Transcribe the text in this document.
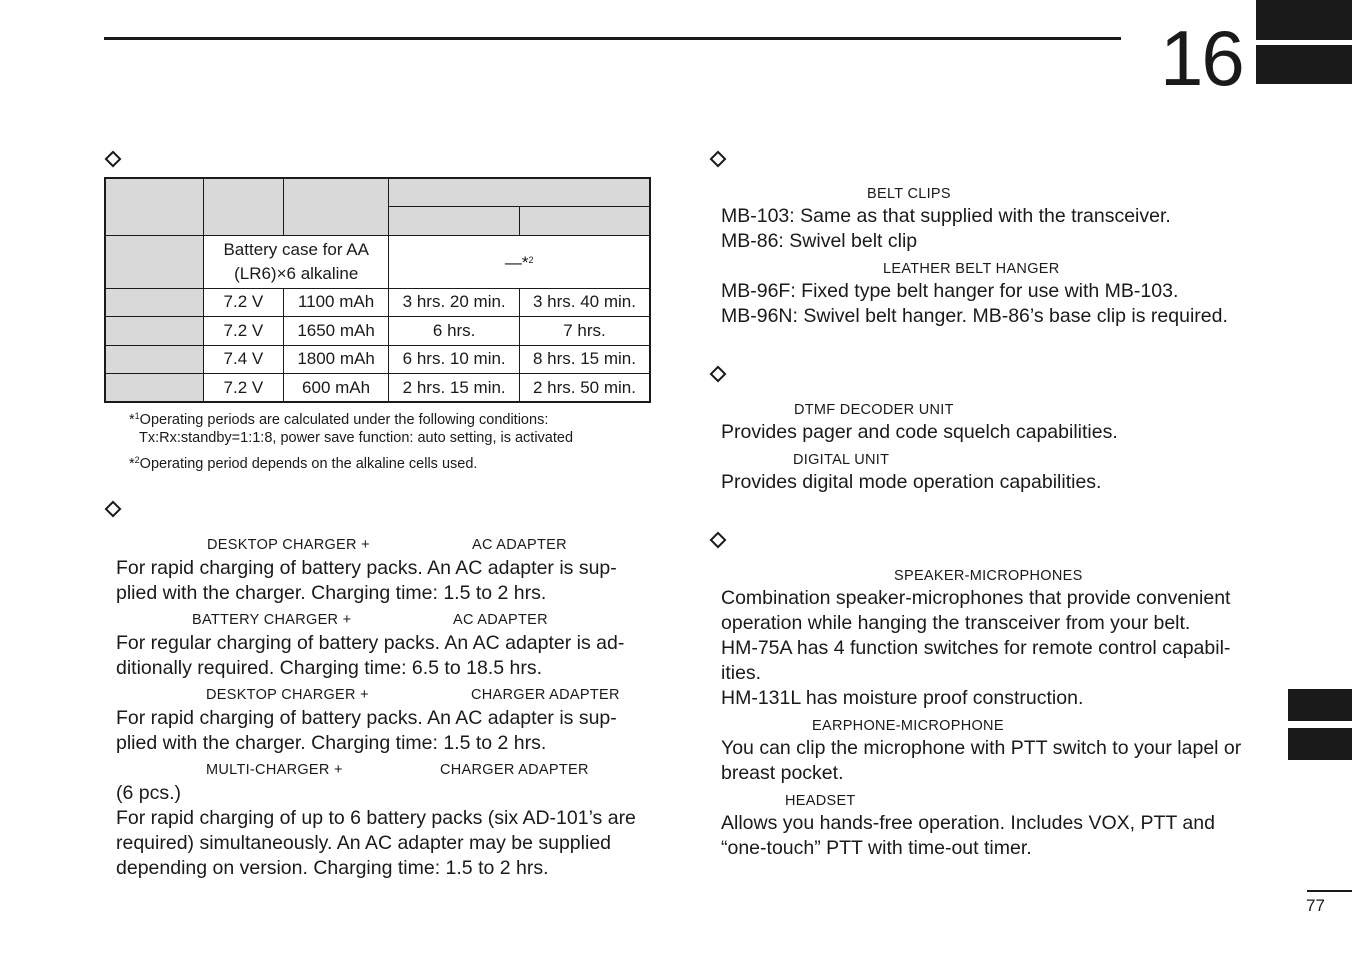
16

	Battery case for AA
(LR6)×6 alkaline		—*$^2$
	7.2 V	1100 mAh	3 hrs. 20 min.	3 hrs. 40 min.
	7.2 V	1650 mAh	6 hrs.	7 hrs.
	7.4 V	1800 mAh	6 hrs. 10 min.	8 hrs. 15 min.
	7.2 V	600 mAh	2 hrs. 15 min.	2 hrs. 50 min.
*$^1$Operating periods are calculated under the following conditions:
Tx:Rx:standby=1:1:8, power save function: auto setting, is activated
*$^2$Operating period depends on the alkaline cells used.
DESKTOP CHARGER +	AC ADAPTER
For rapid charging of battery packs. An AC adapter is sup-
plied with the charger. Charging time: 1.5 to 2 hrs.
BATTERY CHARGER +	AC ADAPTER
For regular charging of battery packs. An AC adapter is ad-
ditionally required. Charging time: 6.5 to 18.5 hrs.
DESKTOP CHARGER +	CHARGER ADAPTER
For rapid charging of battery packs. An AC adapter is sup-
plied with the charger. Charging time: 1.5 to 2 hrs.
MULTI-CHARGER +	CHARGER ADAPTER
(6 pcs.)
For rapid charging of up to 6 battery packs (six AD-101’s are
required) simultaneously. An AC adapter may be supplied
depending on version. Charging time: 1.5 to 2 hrs.
BELT CLIPS
MB-103: Same as that supplied with the transceiver.
MB-86: Swivel belt clip
LEATHER BELT HANGER
MB-96F: Fixed type belt hanger for use with MB-103.
MB-96N: Swivel belt hanger. MB-86’s base clip is required.
DTMF DECODER UNIT
Provides pager and code squelch capabilities.
DIGITAL UNIT
Provides digital mode operation capabilities.
SPEAKER-MICROPHONES
Combination speaker-microphones that provide convenient
operation while hanging the transceiver from your belt.
HM-75A has 4 function switches for remote control capabil-
ities.
HM-131L has moisture proof construction.
EARPHONE-MICROPHONE
You can clip the microphone with PTT switch to your lapel or
breast pocket.
HEADSET
Allows you hands-free operation. Includes VOX, PTT and
“one-touch” PTT with time-out timer.
77
